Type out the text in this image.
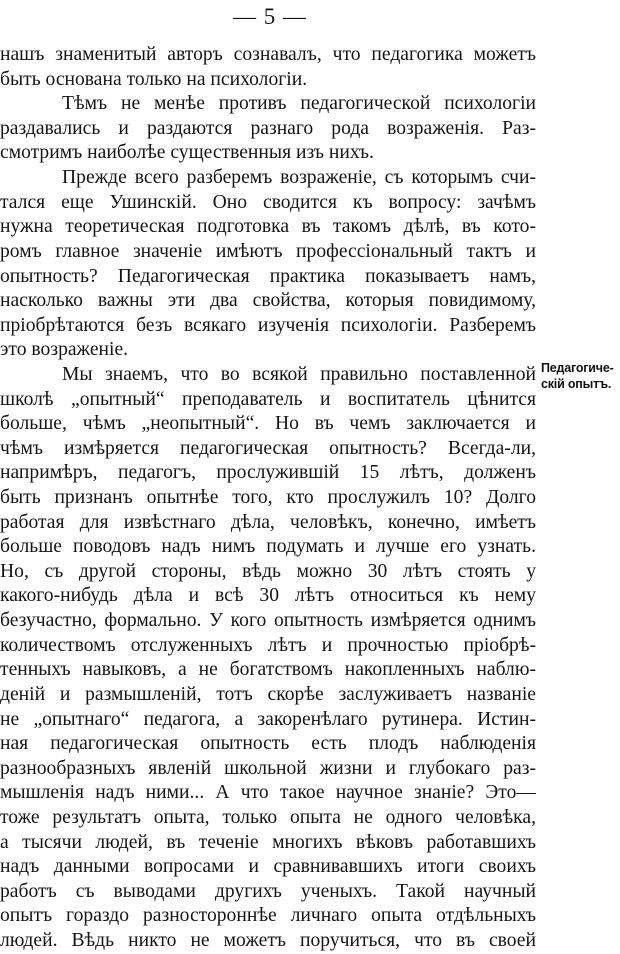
— 5 —
нашъ знаменитый авторъ сознавалъ, что педагогика можетъ
быть основана только на психологіи.
Тѣмъ не менѣе противъ педагогической психологіи
раздавались и раздаются разнаго рода возраженія. Раз-
смотримъ наиболѣе существенныя изъ нихъ.
Прежде всего разберемъ возраженіе, съ которымъ счи-
тался еще Ушинскій. Оно сводится къ вопросу: зачѣмъ
нужна теоретическая подготовка въ такомъ дѣлѣ, въ кото-
ромъ главное значеніе имѣютъ профессіональный тактъ и
опытность? Педагогическая практика показываетъ намъ,
насколько важны эти два свойства, которыя повидимому,
пріобрѣтаются безъ всякаго изученія психологіи. Разберемъ
это возраженіе.
Мы знаемъ, что во всякой правильно поставленной
школѣ „опытный“ преподаватель и воспитатель цѣнится
больше, чѣмъ „неопытный“. Но въ чемъ заключается и
чѣмъ измѣряется педагогическая опытность? Всегда-ли,
напримѣръ, педагогъ, прослужившій 15 лѣтъ, долженъ
быть признанъ опытнѣе того, кто прослужилъ 10? Долго
работая для извѣстнаго дѣла, человѣкъ, конечно, имѣетъ
больше поводовъ надъ нимъ подумать и лучше его узнать.
Но, съ другой стороны, вѣдь можно 30 лѣтъ стоять у
какого-нибудь дѣла и всѣ 30 лѣтъ относиться къ нему
безучастно, формально. У кого опытность измѣряется однимъ
количествомъ отслуженныхъ лѣтъ и прочностью пріобрѣ-
тенныхъ навыковъ, а не богатствомъ накопленныхъ наблю-
деній и размышленій, тотъ скорѣе заслуживаетъ названіе
не „опытнаго“ педагога, а закоренѣлаго рутинера. Истин-
ная педагогическая опытность есть плодъ наблюденія
разнообразныхъ явленій школьной жизни и глубокаго раз-
мышленія надъ ними... А что такое научное знаніе? Это—
тоже результатъ опыта, только опыта не одного человѣка,
а тысячи людей, въ теченіе многихъ вѣковъ работавшихъ
надъ данными вопросами и сравнивавшихъ итоги своихъ
работъ съ выводами другихъ ученыхъ. Такой научный
опытъ гораздо разностороннѣе личнаго опыта отдѣльныхъ
людей. Вѣдь никто не можетъ поручиться, что въ своей
Педагогиче-
скій опытъ.
